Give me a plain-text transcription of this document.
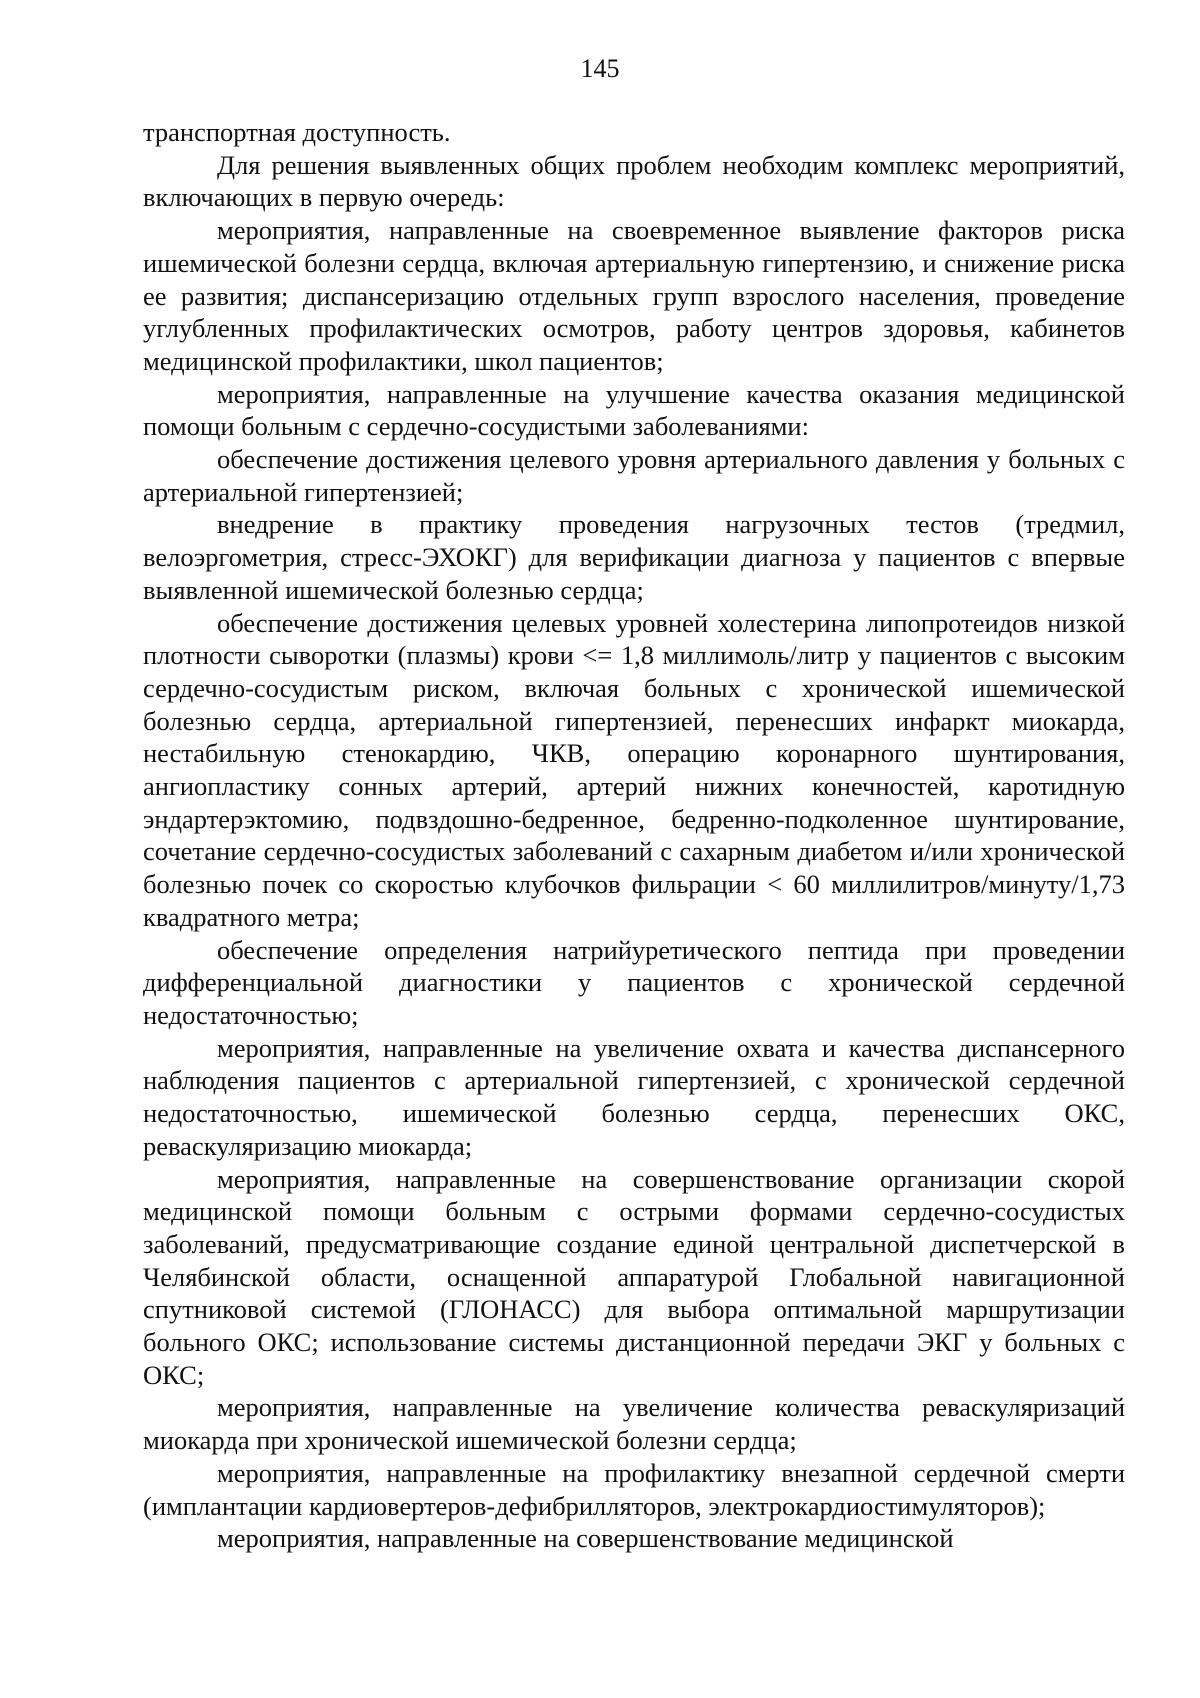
145

транспортная доступность.

Для решения выявленных общих проблем необходим комплекс мероприятий, включающих в первую очередь:

мероприятия, направленные на своевременное выявление факторов риска ишемической болезни сердца, включая артериальную гипертензию, и снижение риска ее развития; диспансеризацию отдельных групп взрослого населения, проведение углубленных профилактических осмотров, работу центров здоровья, кабинетов медицинской профилактики, школ пациентов;

мероприятия, направленные на улучшение качества оказания медицинской помощи больным с сердечно-сосудистыми заболеваниями:

обеспечение достижения целевого уровня артериального давления у больных с артериальной гипертензией;

внедрение в практику проведения нагрузочных тестов (тредмил, велоэргометрия, стресс-ЭХОКГ) для верификации диагноза у пациентов с впервые выявленной ишемической болезнью сердца;

обеспечение достижения целевых уровней холестерина липопротеидов низкой плотности сыворотки (плазмы) крови <= 1,8 миллимоль/литр у пациентов с высоким сердечно-сосудистым риском, включая больных с хронической ишемической болезнью сердца, артериальной гипертензией, перенесших инфаркт миокарда, нестабильную стенокардию, ЧКВ, операцию коронарного шунтирования, ангиопластику сонных артерий, артерий нижних конечностей, каротидную эндартерэктомию, подвздошно-бедренное, бедренно-подколенное шунтирование, сочетание сердечно-сосудистых заболеваний с сахарным диабетом и/или хронической болезнью почек со скоростью клубочков фильрации < 60 миллилитров/минуту/1,73 квадратного метра;

обеспечение определения натрийуретического пептида при проведении дифференциальной диагностики у пациентов с хронической сердечной недостаточностью;

мероприятия, направленные на увеличение охвата и качества диспансерного наблюдения пациентов с артериальной гипертензией, с хронической сердечной недостаточностью, ишемической болезнью сердца, перенесших ОКС, реваскуляризацию миокарда;

мероприятия, направленные на совершенствование организации скорой медицинской помощи больным с острыми формами сердечно-сосудистых заболеваний, предусматривающие создание единой центральной диспетчерской в Челябинской области, оснащенной аппаратурой Глобальной навигационной спутниковой системой (ГЛОНАСС) для выбора оптимальной маршрутизации больного ОКС; использование системы дистанционной передачи ЭКГ у больных с ОКС;

мероприятия, направленные на увеличение количества реваскуляризаций миокарда при хронической ишемической болезни сердца;

мероприятия, направленные на профилактику внезапной сердечной смерти (имплантации кардиовертеров-дефибрилляторов, электрокардиостимуляторов);

мероприятия, направленные на совершенствование медицинской
